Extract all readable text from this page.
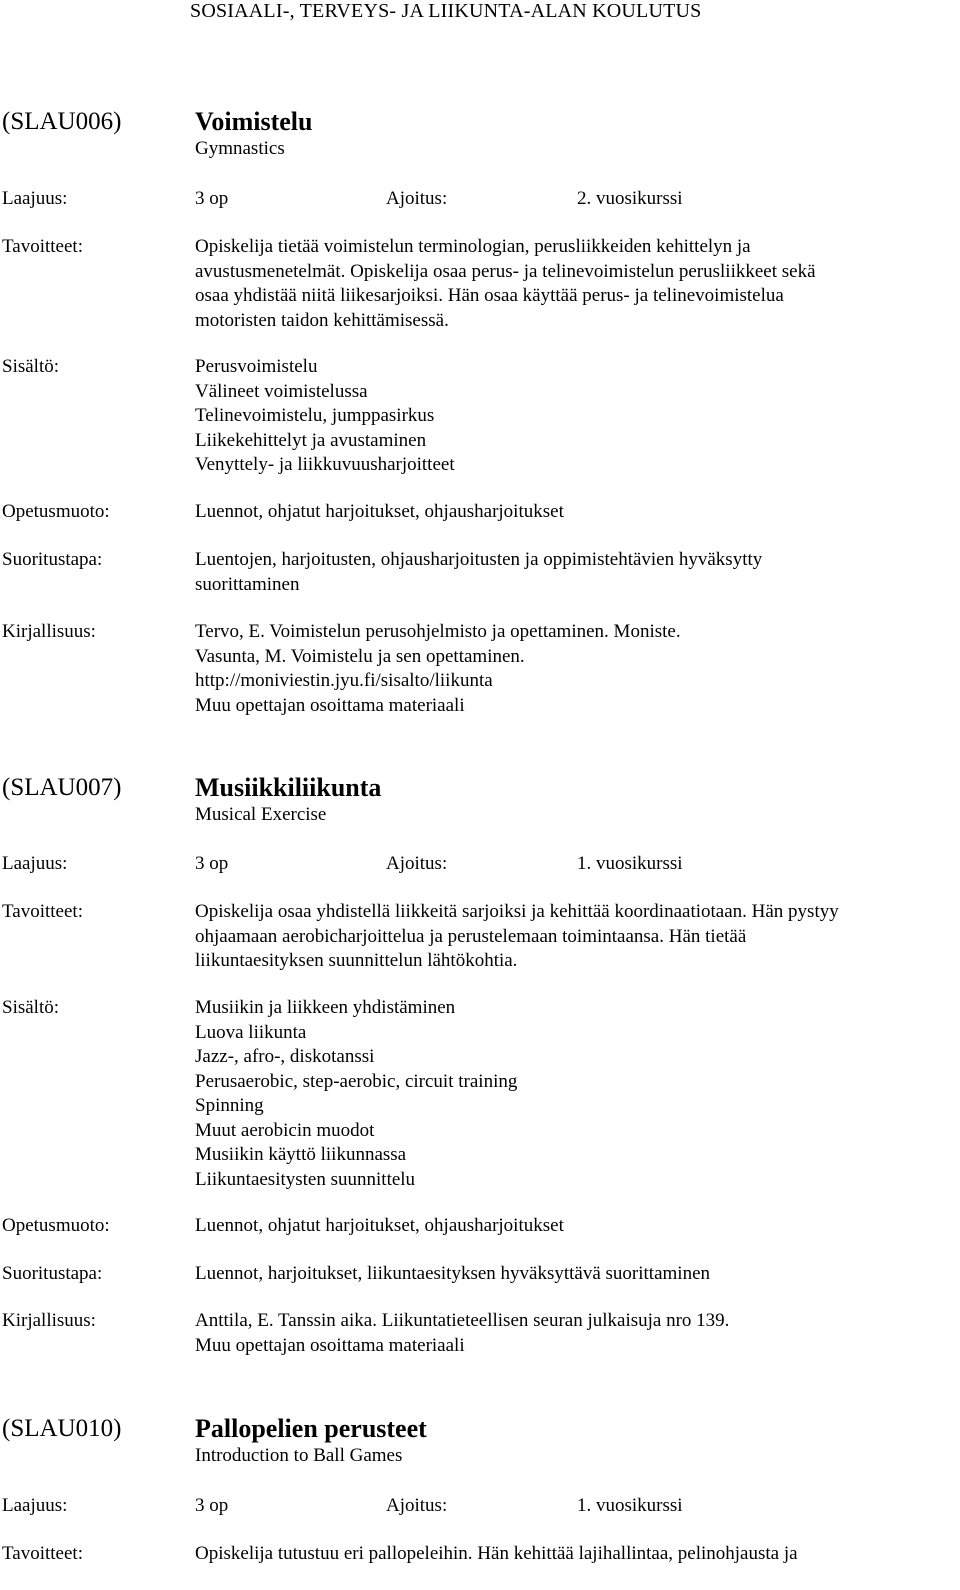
SOSIAALI-, TERVEYS- JA LIIKUNTA-ALAN KOULUTUS
(SLAU006)	Voimistelu
Gymnastics
Laajuus:	3 op	Ajoitus:	2. vuosikurssi
Tavoitteet:	Opiskelija tietää voimistelun terminologian, perusliikkeiden kehittelyn ja
avustusmenetelmät. Opiskelija osaa perus- ja telinevoimistelun perusliikkeet sekä
osaa yhdistää niitä liikesarjoiksi. Hän osaa käyttää perus- ja telinevoimistelua
motoristen taidon kehittämisessä.
Sisältö:	Perusvoimistelu
Välineet voimistelussa
Telinevoimistelu, jumppasirkus
Liikekehittelyt ja avustaminen
Venyttely- ja liikkuvuusharjoitteet
Opetusmuoto:	Luennot, ohjatut harjoitukset, ohjausharjoitukset
Suoritustapa:	Luentojen, harjoitusten, ohjausharjoitusten ja oppimistehtävien hyväksytty
suorittaminen
Kirjallisuus:	Tervo, E. Voimistelun perusohjelmisto ja opettaminen. Moniste.
Vasunta, M. Voimistelu ja sen opettaminen.
http://moniviestin.jyu.fi/sisalto/liikunta
Muu opettajan osoittama materiaali
(SLAU007)	Musiikkiliikunta
Musical Exercise
Laajuus:	3 op	Ajoitus:	1. vuosikurssi
Tavoitteet:	Opiskelija osaa yhdistellä liikkeitä sarjoiksi ja kehittää koordinaatiotaan. Hän pystyy
ohjaamaan aerobicharjoittelua ja perustelemaan toimintaansa. Hän tietää
liikuntaesityksen suunnittelun lähtökohtia.
Sisältö:	Musiikin ja liikkeen yhdistäminen
Luova liikunta
Jazz-, afro-, diskotanssi
Perusaerobic, step-aerobic, circuit training
Spinning
Muut aerobicin muodot
Musiikin käyttö liikunnassa
Liikuntaesitysten suunnittelu
Opetusmuoto:	Luennot, ohjatut harjoitukset, ohjausharjoitukset
Suoritustapa:	Luennot, harjoitukset, liikuntaesityksen hyväksyttävä suorittaminen
Kirjallisuus:	Anttila, E. Tanssin aika. Liikuntatieteellisen seuran julkaisuja nro 139.
Muu opettajan osoittama materiaali
(SLAU010)	Pallopelien perusteet
Introduction to Ball Games
Laajuus:	3 op	Ajoitus:	1. vuosikurssi
Tavoitteet:	Opiskelija tutustuu eri pallopeleihin. Hän kehittää lajihallintaa, pelinohjausta ja
